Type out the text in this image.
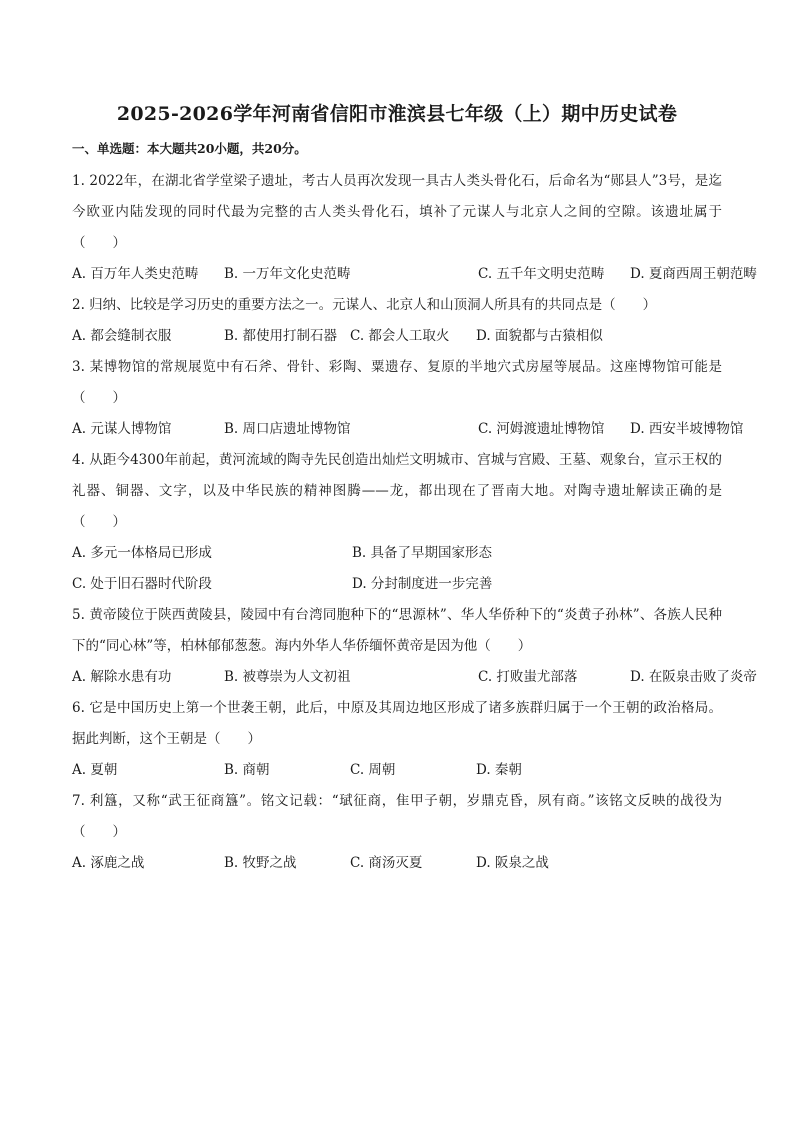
2025-2026学年河南省信阳市淮滨县七年级（上）期中历史试卷
一、单选题：本大题共20小题，共20分。

1. 2022年，在湖北省学堂梁子遗址，考古人员再次发现一具古人类头骨化石，后命名为“郧县人”3号，是迄今欧亚内陆发现的同时代最为完整的古人类头骨化石，填补了元谋人与北京人之间的空隙。该遗址属于（　　）

A. 百万年人类史范畴	B. 一万年文化史范畴	C. 五千年文明史范畴	D. 夏商西周王朝范畴

2. 归纳、比较是学习历史的重要方法之一。元谋人、北京人和山顶洞人所具有的共同点是（　　）

A. 都会缝制衣服	B. 都使用打制石器 C. 都会人工取火	D. 面貌都与古猿相似

3. 某博物馆的常规展览中有石斧、骨针、彩陶、粟遗存、复原的半地穴式房屋等展品。这座博物馆可能是（　　）

A. 元谋人博物馆	B. 周口店遗址博物馆	C. 河姆渡遗址博物馆	D. 西安半坡博物馆

4. 从距今4300年前起，黄河流域的陶寺先民创造出灿烂文明城市、宫城与宫殿、王墓、观象台，宣示王权的礼器、铜器、文字，以及中华民族的精神图腾——龙，都出现在了晋南大地。对陶寺遗址解读正确的是（　　）

A. 多元一体格局已形成	B. 具备了早期国家形态
C. 处于旧石器时代阶段	D. 分封制度进一步完善

5. 黄帝陵位于陕西黄陵县，陵园中有台湾同胞种下的“思源林”、华人华侨种下的“炎黄子孙林”、各族人民种下的“同心林”等，柏林郁郁葱葱。海内外华人华侨缅怀黄帝是因为他（　　）

A. 解除水患有功	B. 被尊崇为人文初祖	C. 打败蚩尤部落	D. 在阪泉击败了炎帝

6. 它是中国历史上第一个世袭王朝，此后，中原及其周边地区形成了诸多族群归属于一个王朝的政治格局。据此判断，这个王朝是（　　）

A. 夏朝	B. 商朝	C. 周朝	D. 秦朝

7. 利簋，又称“武王征商簋”。铭文记载：“珷征商，隹甲子朝，岁鼎克昏，夙有商。”该铭文反映的战役为（　　）

A. 涿鹿之战	B. 牧野之战	C. 商汤灭夏	D. 阪泉之战
